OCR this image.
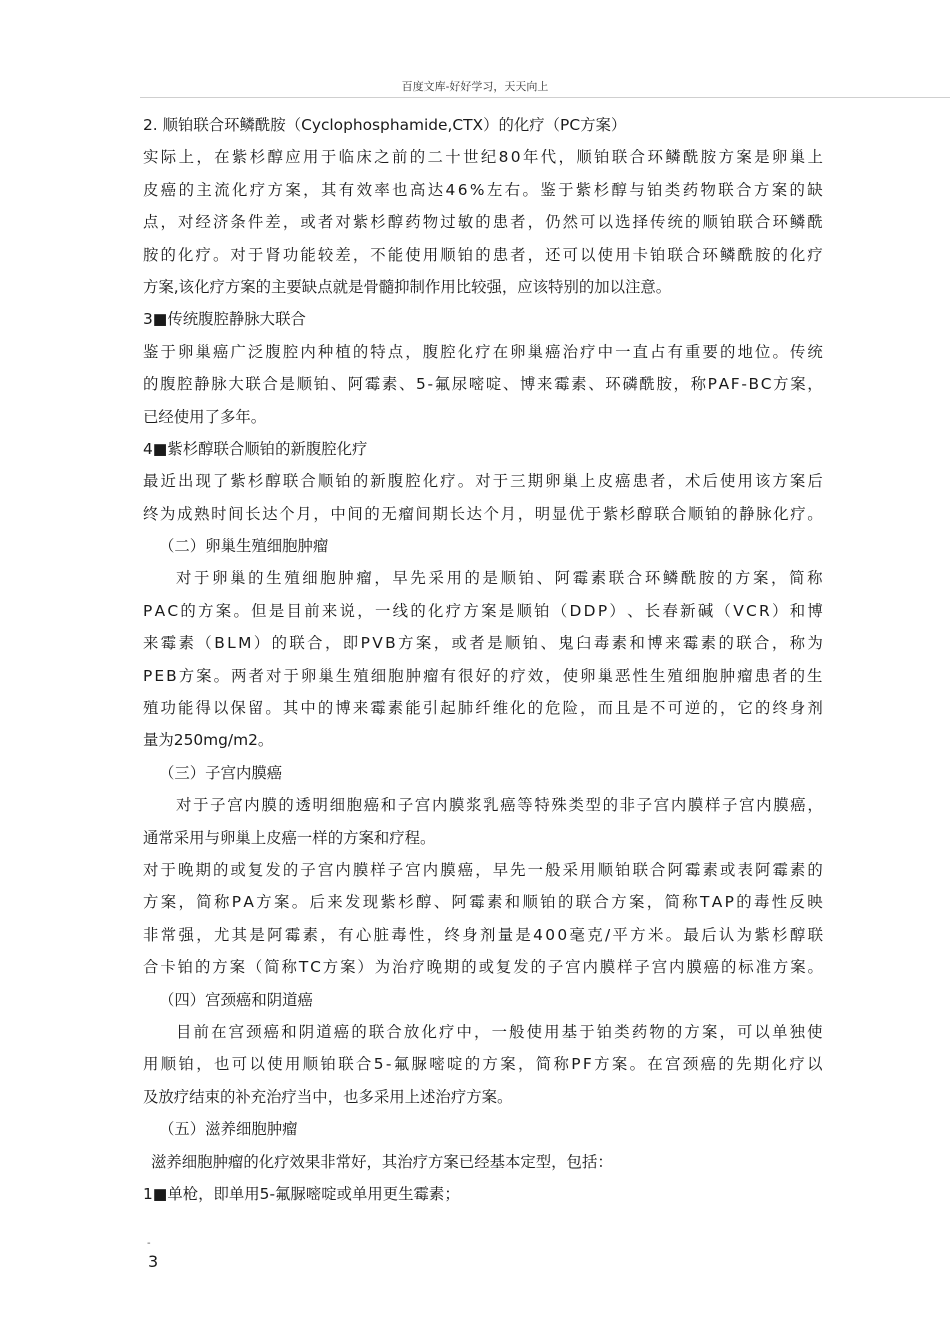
百度文库-好好学习，天天向上
2. 顺铂联合环鳞酰胺（Cyclophosphamide,CTX）的化疗（PC方案）
实 际 上 ， 在 紫 杉 醇 应 用 于 临 床 之 前 的 二 十 世 纪 8 0 年 代 ， 顺 铂 联 合 环 鳞 酰 胺 方 案 是 卵 巢 上
皮 癌 的 主 流 化 疗 方 案 ， 其 有 效 率 也 高 达 4 6 % 左 右 。 鉴 于 紫 杉 醇 与 铂 类 药 物 联 合 方 案 的 缺
点 ， 对 经 济 条 件 差 ， 或 者 对 紫 杉 醇 药 物 过 敏 的 患 者 ， 仍 然 可 以 选 择 传 统 的 顺 铂 联 合 环 鳞 酰
胺 的 化 疗 。 对 于 肾 功 能 较 差 ， 不 能 使 用 顺 铂 的 患 者 ， 还 可 以 使 用 卡 铂 联 合 环 鳞 酰 胺 的 化 疗
方案,该化疗方案的主要缺点就是骨髓抑制作用比较强，应该特别的加以注意。
3■传统腹腔静脉大联合
鉴 于 卵 巢 癌 广 泛 腹 腔 内 种 植 的 特 点 ， 腹 腔 化 疗 在 卵 巢 癌 治 疗 中 一 直 占 有 重 要 的 地 位 。 传 统
的 腹 腔 静 脉 大 联 合 是 顺 铂 、 阿 霉 素 、 5 - 氟 尿 嘧 啶 、 博 来 霉 素 、 环 磷 酰 胺 ， 称 P A F - B C 方 案 ，
已经使用了多年。
4■紫杉醇联合顺铂的新腹腔化疗
最 近 出 现 了 紫 杉 醇 联 合 顺 铂 的 新 腹 腔 化 疗 。 对 于 三 期 卵 巢 上 皮 癌 患 者 ， 术 后 使 用 该 方 案 后
终 为 成 熟 时 间 长 达 个 月 ， 中 间 的 无 瘤 间 期 长 达 个 月 ， 明 显 优 于 紫 杉 醇 联 合 顺 铂 的 静 脉 化 疗 。
（二）卵巢生殖细胞肿瘤
对 于 卵 巢 的 生 殖 细 胞 肿 瘤 ， 早 先 采 用 的 是 顺 铂 、 阿 霉 素 联 合 环 鳞 酰 胺 的 方 案 ， 简 称
P A C 的 方 案 。 但 是 目 前 来 说 ， 一 线 的 化 疗 方 案 是 顺 铂 （ D D P ） 、 长 春 新 碱 （ V C R ） 和 博
来 霉 素 （ B L M ） 的 联 合 ， 即 P V B 方 案 ， 或 者 是 顺 铂 、 鬼 臼 毒 素 和 博 来 霉 素 的 联 合 ， 称 为
P E B 方 案 。 两 者 对 于 卵 巢 生 殖 细 胞 肿 瘤 有 很 好 的 疗 效 ， 使 卵 巢 恶 性 生 殖 细 胞 肿 瘤 患 者 的 生
殖 功 能 得 以 保 留 。 其 中 的 博 来 霉 素 能 引 起 肺 纤 维 化 的 危 险 ， 而 且 是 不 可 逆 的 ， 它 的 终 身 剂
量为250mg/m2。
（三）子宫内膜癌
对 于 子 宫 内 膜 的 透 明 细 胞 癌 和 子 宫 内 膜 浆 乳 癌 等 特 殊 类 型 的 非 子 宫 内 膜 样 子 宫 内 膜 癌 ，
通常采用与卵巢上皮癌一样的方案和疗程。
对 于 晚 期 的 或 复 发 的 子 宫 内 膜 样 子 宫 内 膜 癌 ， 早 先 一 般 采 用 顺 铂 联 合 阿 霉 素 或 表 阿 霉 素 的
方 案 ， 简 称 P A 方 案 。 后 来 发 现 紫 杉 醇 、 阿 霉 素 和 顺 铂 的 联 合 方 案 ， 简 称 T A P 的 毒 性 反 映
非 常 强 ， 尤 其 是 阿 霉 素 ， 有 心 脏 毒 性 ， 终 身 剂 量 是 4 0 0 毫 克 / 平 方 米 。 最 后 认 为 紫 杉 醇 联
合 卡 铂 的 方 案 （ 简 称 T C 方 案 ） 为 治 疗 晚 期 的 或 复 发 的 子 宫 内 膜 样 子 宫 内 膜 癌 的 标 准 方 案 。
（四）宫颈癌和阴道癌
目 前 在 宫 颈 癌 和 阴 道 癌 的 联 合 放 化 疗 中 ， 一 般 使 用 基 于 铂 类 药 物 的 方 案 ， 可 以 单 独 使
用 顺 铂 ， 也 可 以 使 用 顺 铂 联 合 5 - 氟 脲 嘧 啶 的 方 案 ， 简 称 P F 方 案 。 在 宫 颈 癌 的 先 期 化 疗 以
及放疗结束的补充治疗当中，也多采用上述治疗方案。
（五）滋养细胞肿瘤
滋养细胞肿瘤的化疗效果非常好，其治疗方案已经基本定型，包括：
1■单枪，即单用5-氟脲嘧啶或单用更生霉素；
-
3
